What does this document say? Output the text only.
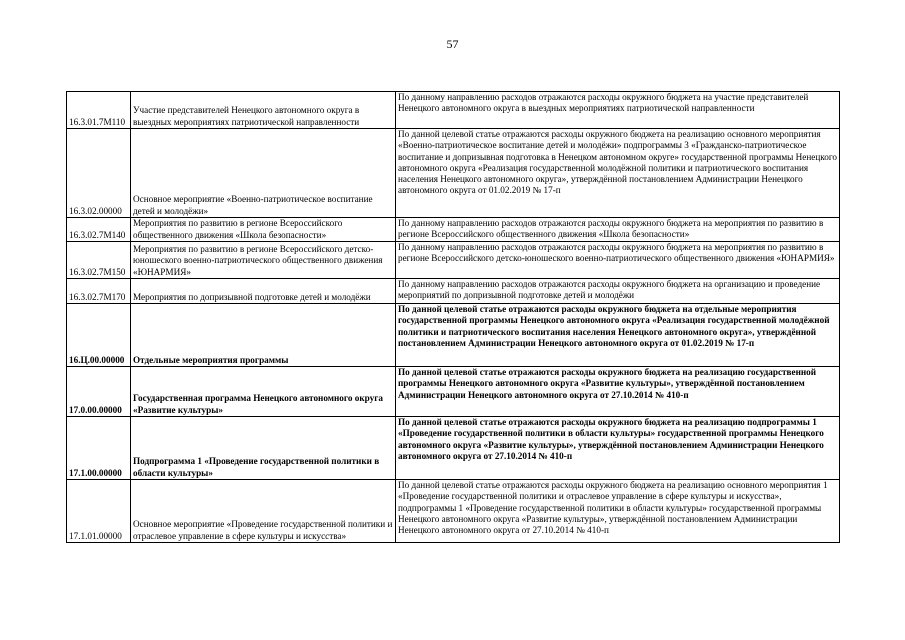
57
16.3.01.7М110	Участие представителей Ненецкого автономного округа в выездных мероприятиях патриотической направленности	По данному направлению расходов отражаются расходы окружного бюджета на участие представителей Ненецкого автономного округа в выездных мероприятиях патриотической направленности
16.3.02.00000	Основное мероприятие «Военно-патриотическое воспитание детей и молодёжи»	По данной целевой статье отражаются расходы окружного бюджета на реализацию основного мероприятия «Военно-патриотическое воспитание детей и молодёжи» подпрограммы 3 «Гражданско-патриотическое воспитание и допризывная подготовка в Ненецком автономном округе» государственной программы Ненецкого автономного округа «Реализация государственной молодёжной политики и патриотического воспитания населения Ненецкого автономного округа», утверждённой постановлением Администрации Ненецкого автономного округа от 01.02.2019 № 17-п
16.3.02.7М140	Мероприятия по развитию в регионе Всероссийского общественного движения «Школа безопасности»	По данному направлению расходов отражаются расходы окружного бюджета на мероприятия по развитию в регионе Всероссийского общественного движения «Школа безопасности»
16.3.02.7М150	Мероприятия по развитию в регионе Всероссийского детско-юношеского военно-патриотического общественного движения «ЮНАРМИЯ»	По данному направлению расходов отражаются расходы окружного бюджета на мероприятия по развитию в регионе Всероссийского детско-юношеского военно-патриотического общественного движения «ЮНАРМИЯ»
16.3.02.7М170	Мероприятия по допризывной подготовке детей и молодёжи	По данному направлению расходов отражаются расходы окружного бюджета на организацию и проведение мероприятий по допризывной подготовке детей и молодёжи
16.Ц.00.00000	Отдельные мероприятия программы	По данной целевой статье отражаются расходы окружного бюджета на отдельные мероприятия государственной программы Ненецкого автономного округа «Реализация государственной молодёжной политики и патриотического воспитания населения Ненецкого автономного округа», утверждённой постановлением Администрации Ненецкого автономного округа от 01.02.2019 № 17-п
17.0.00.00000	Государственная программа Ненецкого автономного округа «Развитие культуры»	По данной целевой статье отражаются расходы окружного бюджета на реализацию государственной программы Ненецкого автономного округа «Развитие культуры», утверждённой постановлением Администрации Ненецкого автономного округа от 27.10.2014 № 410-п
17.1.00.00000	Подпрограмма 1 «Проведение государственной политики в области культуры»	По данной целевой статье отражаются расходы окружного бюджета на реализацию подпрограммы 1 «Проведение государственной политики в области культуры» государственной программы Ненецкого автономного округа «Развитие культуры», утверждённой постановлением Администрации Ненецкого автономного округа от 27.10.2014 № 410-п
17.1.01.00000	Основное мероприятие «Проведение государственной политики и отраслевое управление в сфере культуры и искусства»	По данной целевой статье отражаются расходы окружного бюджета на реализацию основного мероприятия 1 «Проведение государственной политики и отраслевое управление в сфере культуры и искусства», подпрограммы 1 «Проведение государственной политики в области культуры» государственной программы Ненецкого автономного округа «Развитие культуры», утверждённой постановлением Администрации Ненецкого автономного округа от 27.10.2014 № 410-п
